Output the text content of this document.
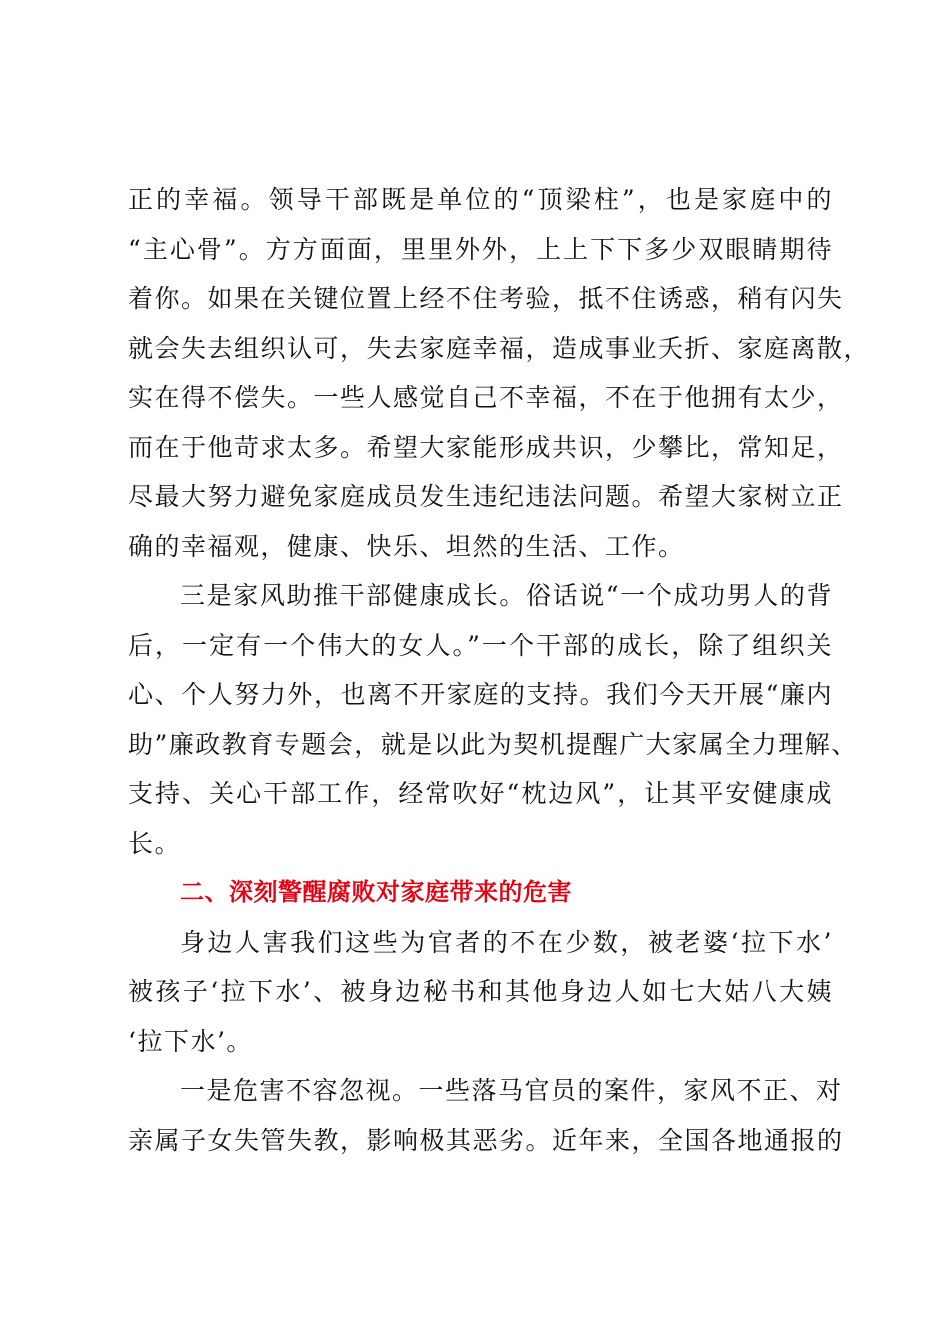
正的幸福。领导干部既是单位的“顶梁柱”，也是家庭中的
“主心骨”。方方面面，里里外外，上上下下多少双眼睛期待
着你。如果在关键位置上经不住考验，抵不住诱惑，稍有闪失
就会失去组织认可，失去家庭幸福，造成事业夭折、家庭离散，
实在得不偿失。一些人感觉自己不幸福，不在于他拥有太少，
而在于他苛求太多。希望大家能形成共识，少攀比，常知足，
尽最大努力避免家庭成员发生违纪违法问题。希望大家树立正
确的幸福观，健康、快乐、坦然的生活、工作。
三是家风助推干部健康成长。俗话说“一个成功男人的背
后，一定有一个伟大的女人。”一个干部的成长，除了组织关
心、个人努力外，也离不开家庭的支持。我们今天开展“廉内
助”廉政教育专题会，就是以此为契机提醒广大家属全力理解、
支持、关心干部工作，经常吹好“枕边风”，让其平安健康成
长。
二、深刻警醒腐败对家庭带来的危害
身边人害我们这些为官者的不在少数，被老婆‘拉下水’
被孩子‘拉下水’、被身边秘书和其他身边人如七大姑八大姨
‘拉下水’。
一是危害不容忽视。一些落马官员的案件，家风不正、对
亲属子女失管失教，影响极其恶劣。近年来，全国各地通报的
